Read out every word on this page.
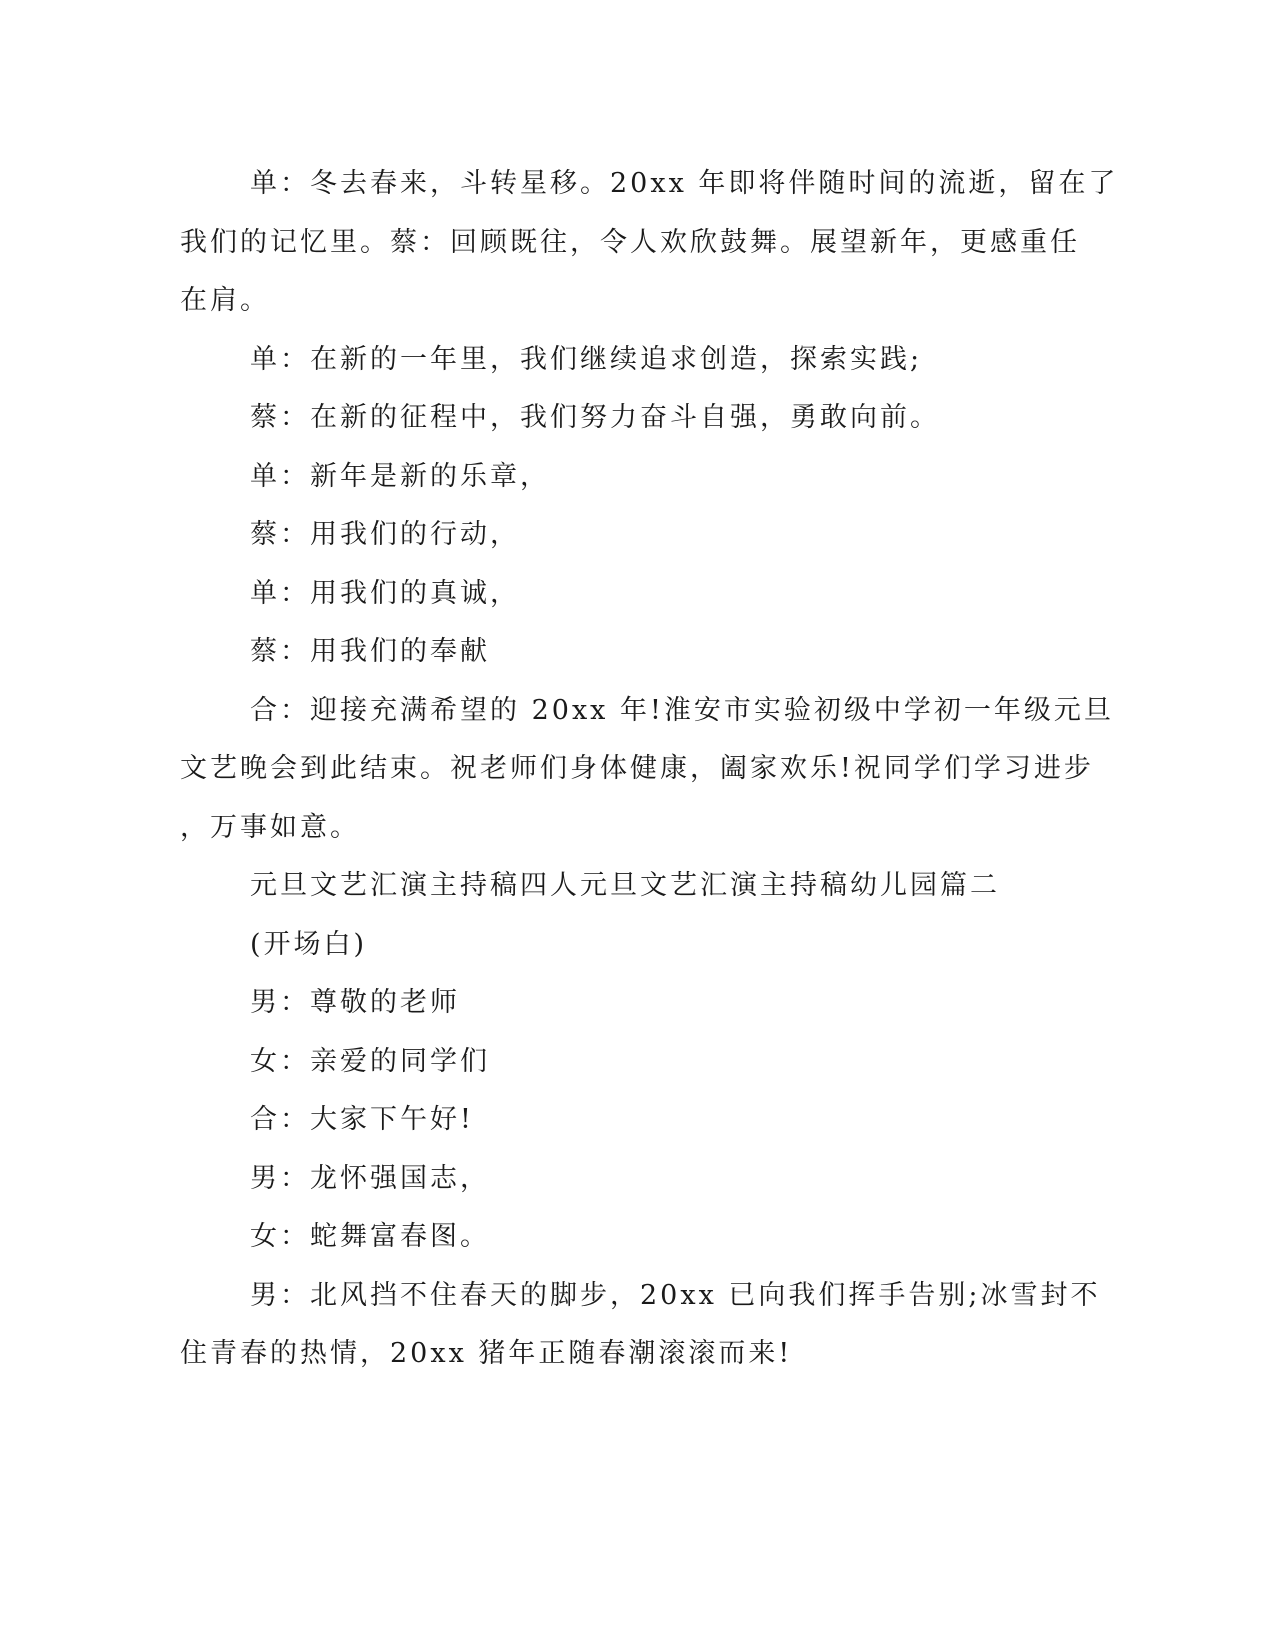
单：冬去春来，斗转星移。20xx 年即将伴随时间的流逝，留在了
我们的记忆里。蔡：回顾既往，令人欢欣鼓舞。展望新年，更感重任
在肩。

单：在新的一年里，我们继续追求创造，探索实践;

蔡：在新的征程中，我们努力奋斗自强，勇敢向前。

单：新年是新的乐章，

蔡：用我们的行动，

单：用我们的真诚，

蔡：用我们的奉献

合：迎接充满希望的 20xx 年!淮安市实验初级中学初一年级元旦
文艺晚会到此结束。祝老师们身体健康，阖家欢乐!祝同学们学习进步
，万事如意。

元旦文艺汇演主持稿四人元旦文艺汇演主持稿幼儿园篇二

(开场白)

男：尊敬的老师

女：亲爱的同学们

合：大家下午好!

男：龙怀强国志，

女：蛇舞富春图。

男：北风挡不住春天的脚步，20xx 已向我们挥手告别;冰雪封不
住青春的热情，20xx 猪年正随春潮滚滚而来!
